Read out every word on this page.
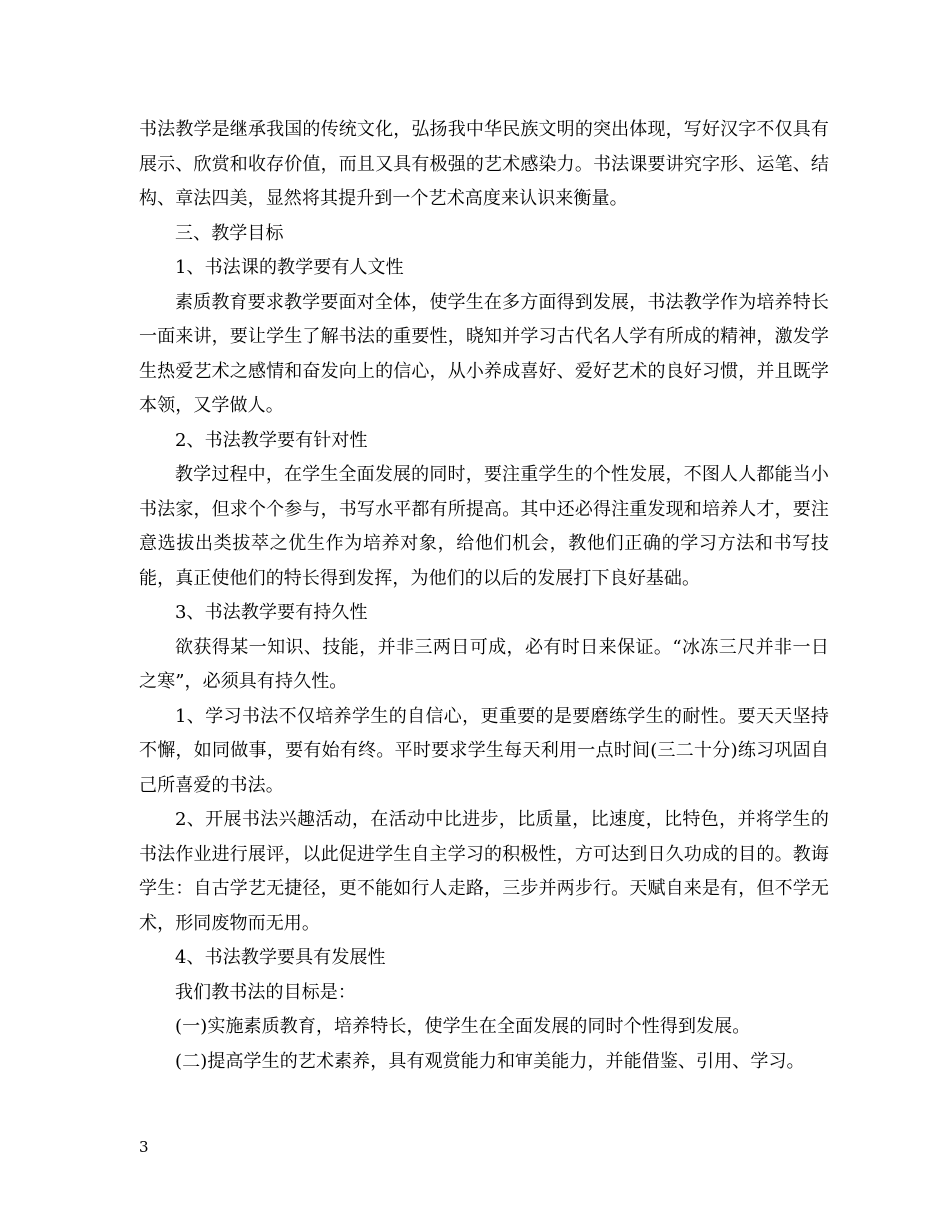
书法教学是继承我国的传统文化，弘扬我中华民族文明的突出体现，写好汉字不仅具有展示、欣赏和收存价值，而且又具有极强的艺术感染力。书法课要讲究字形、运笔、结构、章法四美，显然将其提升到一个艺术高度来认识来衡量。

三、教学目标

1、书法课的教学要有人文性

素质教育要求教学要面对全体，使学生在多方面得到发展，书法教学作为培养特长一面来讲，要让学生了解书法的重要性，晓知并学习古代名人学有所成的精神，激发学生热爱艺术之感情和奋发向上的信心，从小养成喜好、爱好艺术的良好习惯，并且既学本领，又学做人。

2、书法教学要有针对性

教学过程中，在学生全面发展的同时，要注重学生的个性发展，不图人人都能当小书法家，但求个个参与，书写水平都有所提高。其中还必得注重发现和培养人才，要注意选拔出类拔萃之优生作为培养对象，给他们机会，教他们正确的学习方法和书写技能，真正使他们的特长得到发挥，为他们的以后的发展打下良好基础。

3、书法教学要有持久性

欲获得某一知识、技能，并非三两日可成，必有时日来保证。“冰冻三尺并非一日之寒”，必须具有持久性。

1、学习书法不仅培养学生的自信心，更重要的是要磨练学生的耐性。要天天坚持不懈，如同做事，要有始有终。平时要求学生每天利用一点时间(三二十分)练习巩固自己所喜爱的书法。

2、开展书法兴趣活动，在活动中比进步，比质量，比速度，比特色，并将学生的书法作业进行展评，以此促进学生自主学习的积极性，方可达到日久功成的目的。教诲学生：自古学艺无捷径，更不能如行人走路，三步并两步行。天赋自来是有，但不学无术，形同废物而无用。

4、书法教学要具有发展性

我们教书法的目标是：

(一)实施素质教育，培养特长，使学生在全面发展的同时个性得到发展。

(二)提高学生的艺术素养，具有观赏能力和审美能力，并能借鉴、引用、学习。

3
